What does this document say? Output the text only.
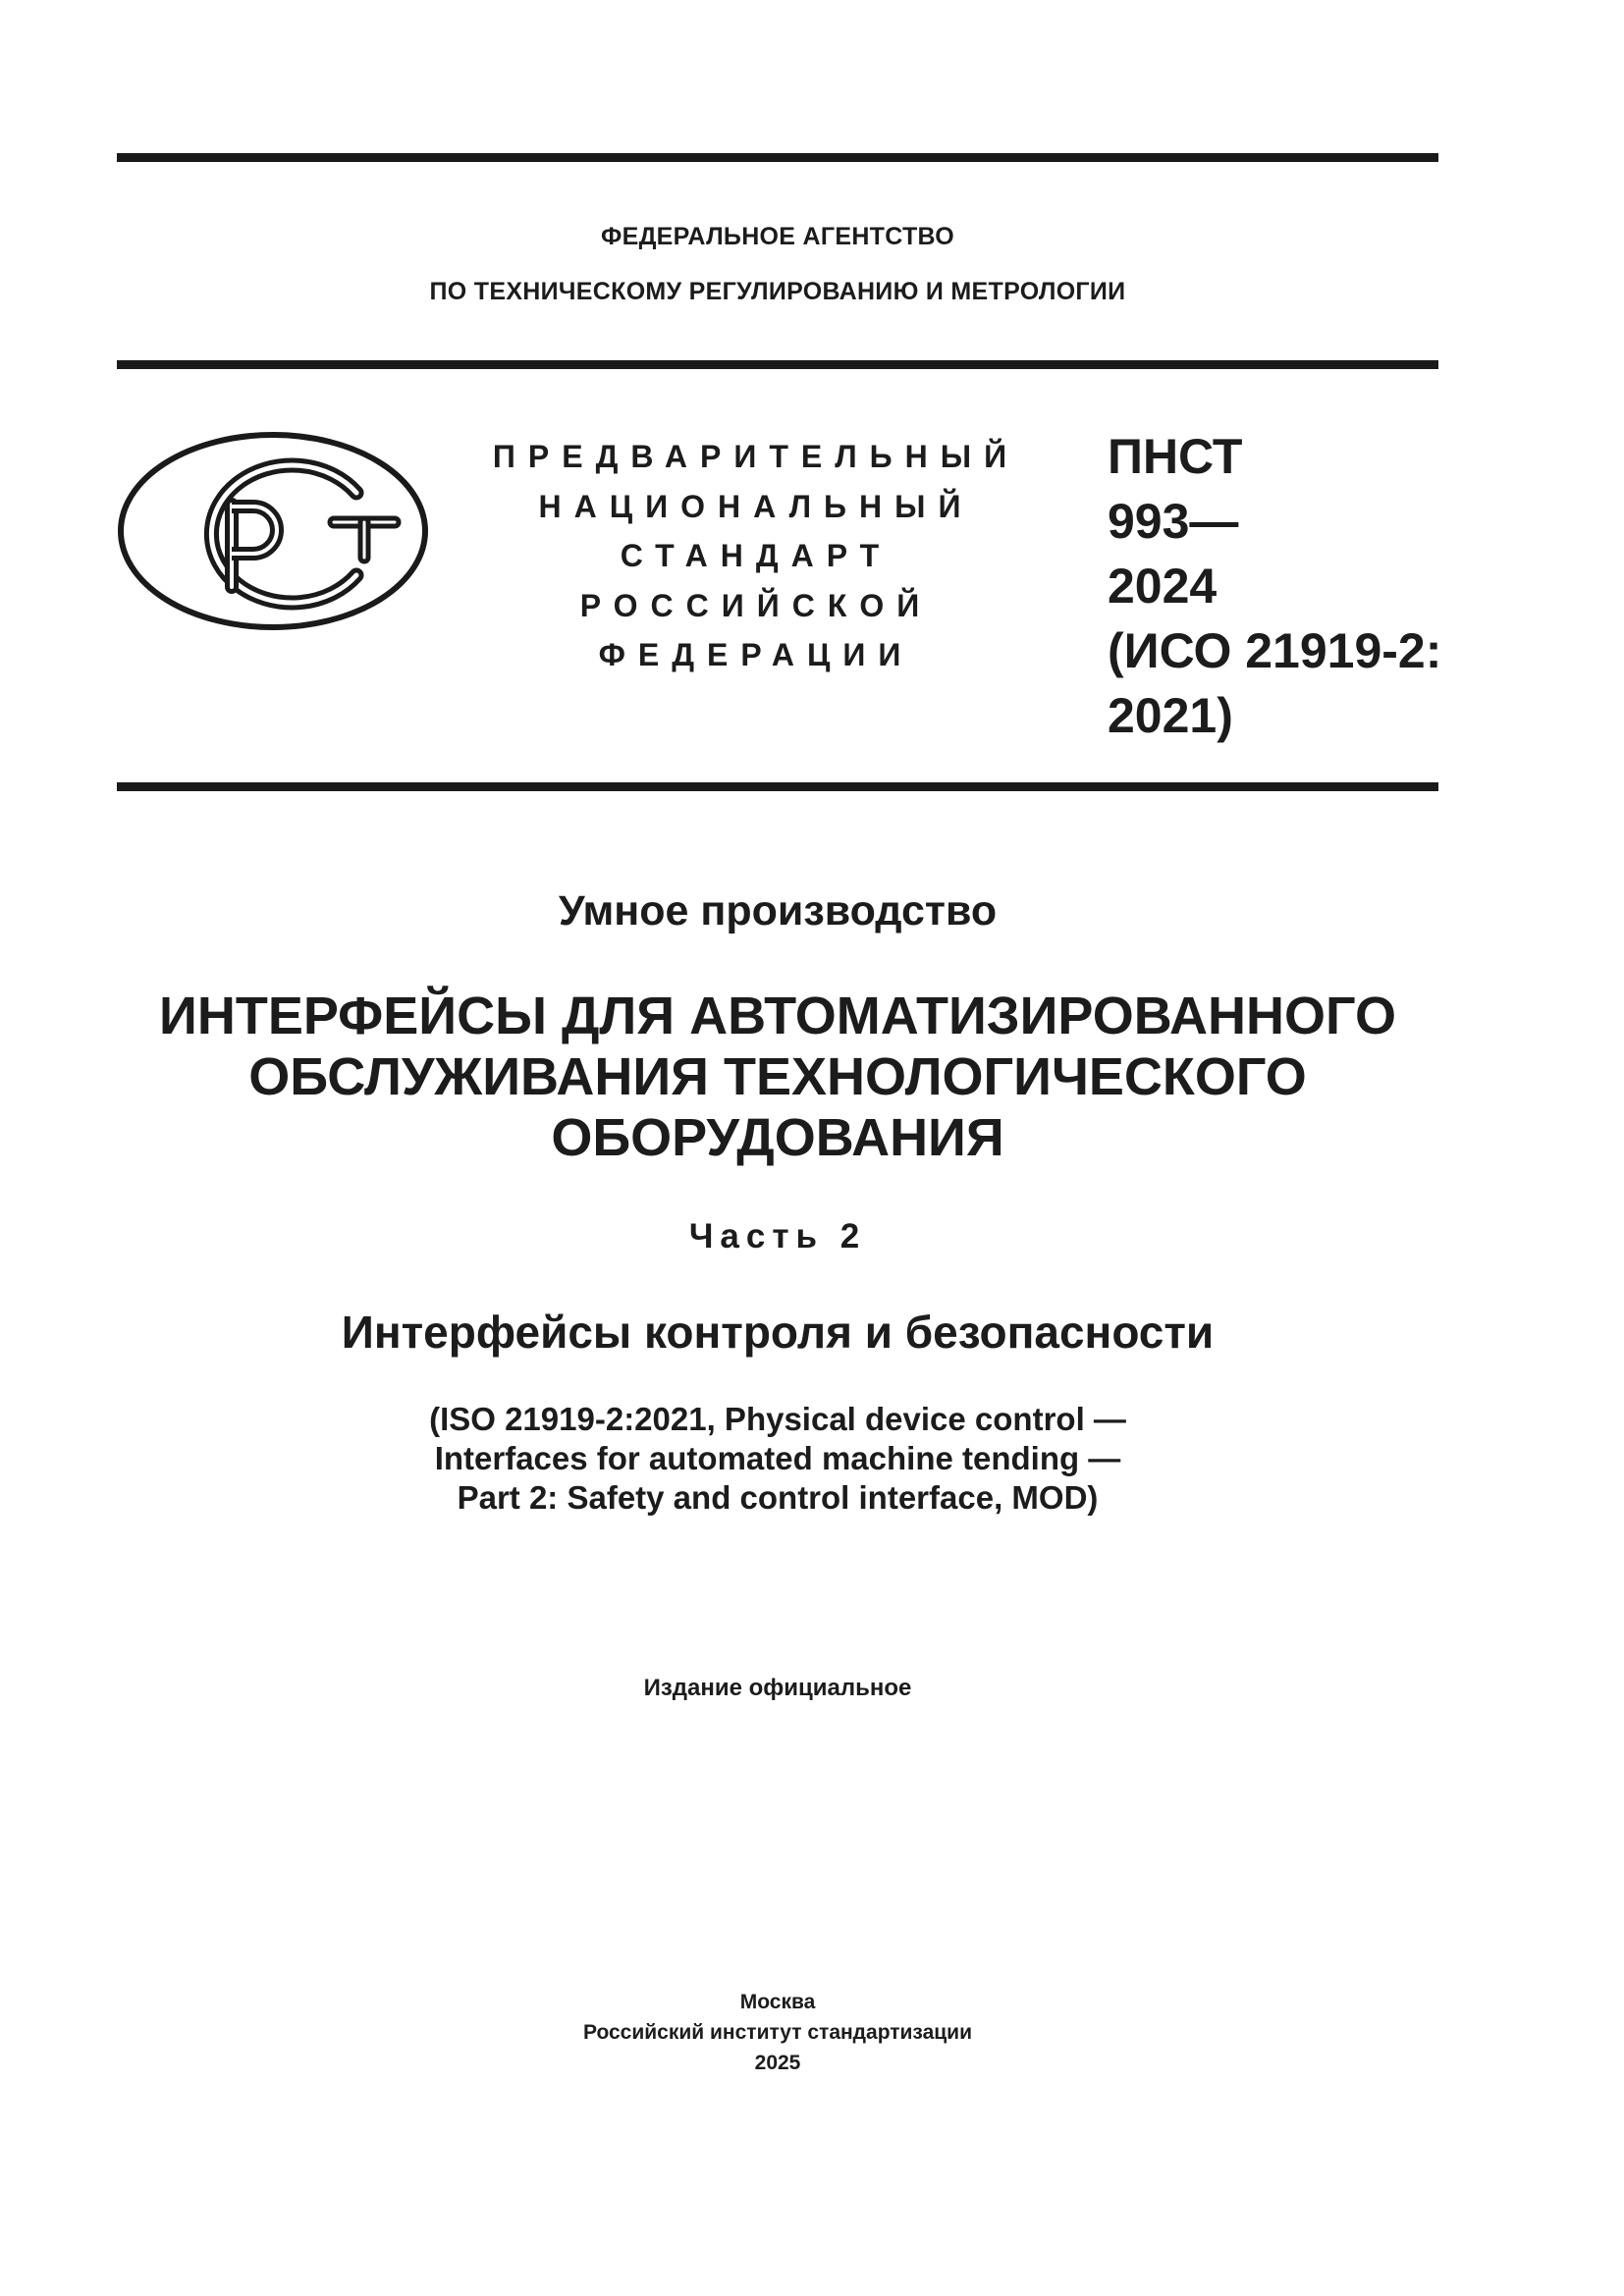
ФЕДЕРАЛЬНОЕ АГЕНТСТВО
ПО ТЕХНИЧЕСКОМУ РЕГУЛИРОВАНИЮ И МЕТРОЛОГИИ
ПРЕДВАРИТЕЛЬНЫЙ
НАЦИОНАЛЬНЫЙ
СТАНДАРТ
РОССИЙСКОЙ
ФЕДЕРАЦИИ
ПНСТ
993—
2024
(ИСО 21919-2:
2021)
Умное производство
ИНТЕРФЕЙСЫ ДЛЯ АВТОМАТИЗИРОВАННОГО
ОБСЛУЖИВАНИЯ ТЕХНОЛОГИЧЕСКОГО
ОБОРУДОВАНИЯ
Часть 2
Интерфейсы контроля и безопасности
(ISO 21919-2:2021, Physical device control —
Interfaces for automated machine tending —
Part 2: Safety and control interface, MOD)
Издание официальное
Москва
Российский институт стандартизации
2025
